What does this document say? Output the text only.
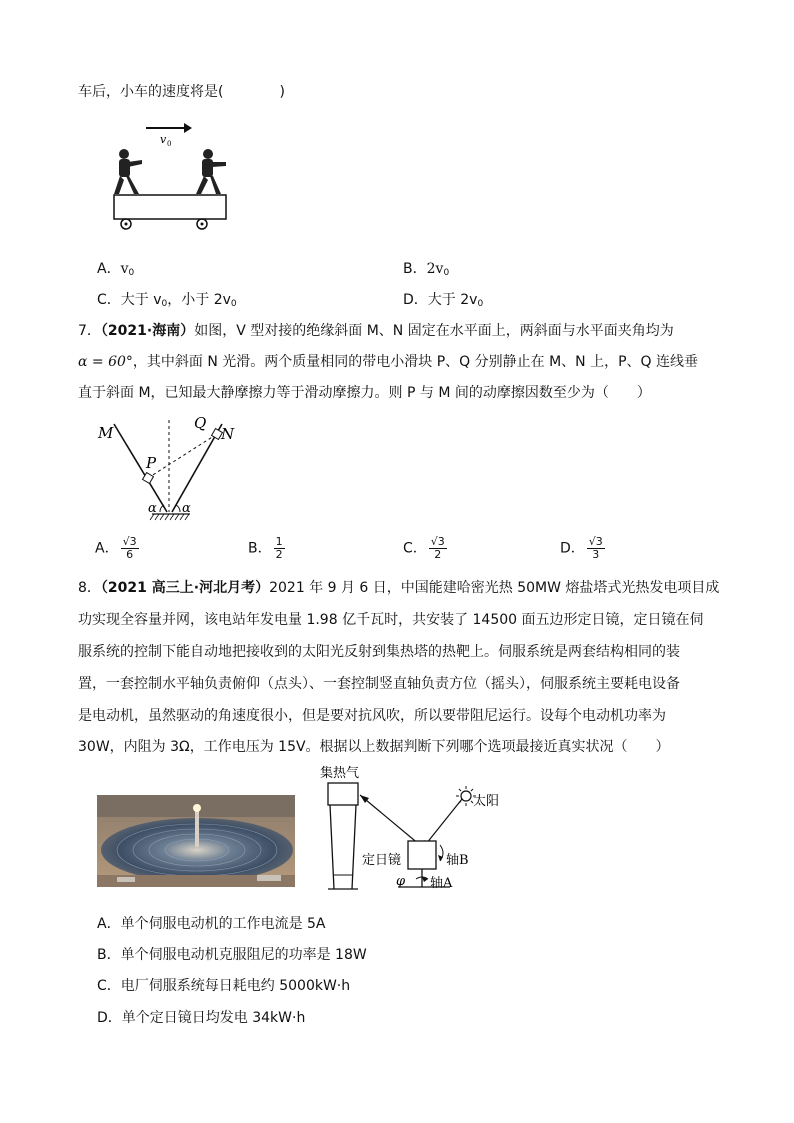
车后，小车的速度将是(	)
v 0
A．$v_0$	B．$2v_0$
C．大于 $v_0$，小于 $2v_0$	D．大于 $2v_0$
7．（2021·海南）如图，V 型对接的绝缘斜面 M、N 固定在水平面上，两斜面与水平面夹角均为
α = 60°，其中斜面 N 光滑。两个质量相同的带电小滑块 P、Q 分别静止在 M、N 上，P、Q 连线垂
直于斜面 M，已知最大静摩擦力等于滑动摩擦力。则 P 与 M 间的动摩擦因数至少为（　　）
M	N
Q
P
α α
A． $\frac{√3}{6}$	B． $\frac{1}{2}$	C． $\frac{√3}{2}$	D． $\frac{√3}{3}$
8．（2021 高三上·河北月考）2021 年 9 月 6 日，中国能建哈密光热 50MW 熔盐塔式光热发电项目成
功实现全容量并网，该电站年发电量 1.98 亿千瓦时，共安装了 14500 面五边形定日镜，定日镜在伺
服系统的控制下能自动地把接收到的太阳光反射到集热塔的热靶上。伺服系统是两套结构相同的装
置，一套控制水平轴负责俯仰（点头）、一套控制竖直轴负责方位（摇头），伺服系统主要耗电设备
是电动机，虽然驱动的角速度很小，但是要对抗风吹，所以要带阻尼运行。设每个电动机功率为
30W，内阻为 3Ω，工作电压为 15V。根据以上数据判断下列哪个选项最接近真实状况（　　）
集热气
太阳
定日镜	轴B
轴A
φ
A．单个伺服电动机的工作电流是 5A
B．单个伺服电动机克服阻尼的功率是 18W
C．电厂伺服系统每日耗电约 5000kW·h
D．单个定日镜日均发电 34kW·h
